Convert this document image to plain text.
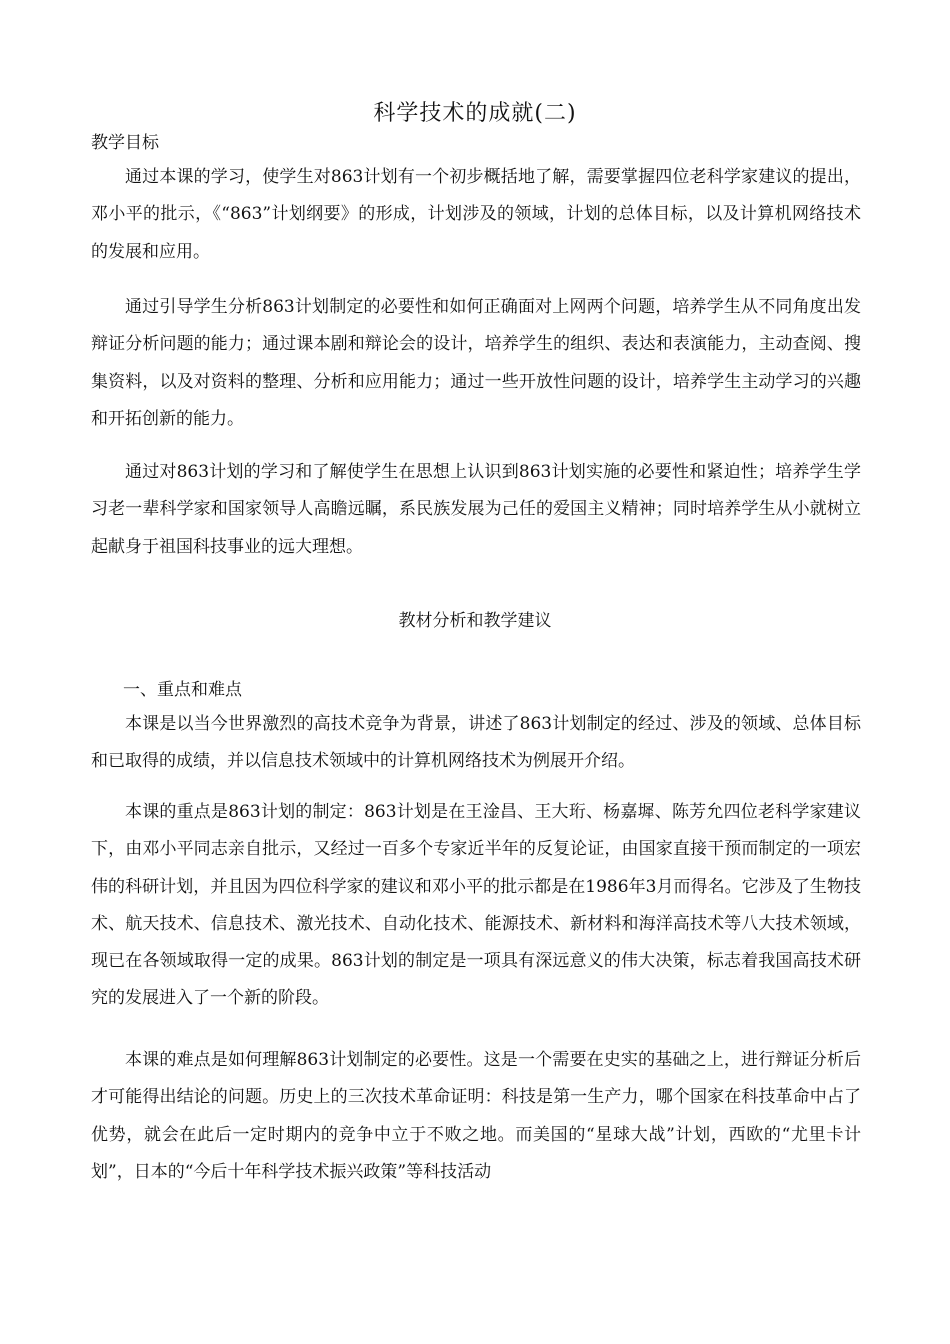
科学技术的成就(二)
教学目标

通过本课的学习，使学生对863计划有一个初步概括地了解，需要掌握四位老科学家建议的提出，邓小平的批示，《“863”计划纲要》的形成，计划涉及的领域，计划的总体目标，以及计算机网络技术的发展和应用。

通过引导学生分析863计划制定的必要性和如何正确面对上网两个问题，培养学生从不同角度出发辩证分析问题的能力；通过课本剧和辩论会的设计，培养学生的组织、表达和表演能力，主动查阅、搜集资料，以及对资料的整理、分析和应用能力；通过一些开放性问题的设计，培养学生主动学习的兴趣和开拓创新的能力。

通过对863计划的学习和了解使学生在思想上认识到863计划实施的必要性和紧迫性；培养学生学习老一辈科学家和国家领导人高瞻远瞩，系民族发展为己任的爱国主义精神；同时培养学生从小就树立起献身于祖国科技事业的远大理想。

教材分析和教学建议
一、重点和难点

本课是以当今世界激烈的高技术竞争为背景，讲述了863计划制定的经过、涉及的领域、总体目标和已取得的成绩，并以信息技术领域中的计算机网络技术为例展开介绍。

本课的重点是863计划的制定：863计划是在王淦昌、王大珩、杨嘉墀、陈芳允四位老科学家建议下，由邓小平同志亲自批示，又经过一百多个专家近半年的反复论证，由国家直接干预而制定的一项宏伟的科研计划，并且因为四位科学家的建议和邓小平的批示都是在1986年3月而得名。它涉及了生物技术、航天技术、信息技术、激光技术、自动化技术、能源技术、新材料和海洋高技术等八大技术领域，现已在各领域取得一定的成果。863计划的制定是一项具有深远意义的伟大决策，标志着我国高技术研究的发展进入了一个新的阶段。

本课的难点是如何理解863计划制定的必要性。这是一个需要在史实的基础之上，进行辩证分析后才可能得出结论的问题。历史上的三次技术革命证明：科技是第一生产力，哪个国家在科技革命中占了优势，就会在此后一定时期内的竞争中立于不败之地。而美国的“星球大战”计划，西欧的“尤里卡计划”，日本的“今后十年科学技术振兴政策”等科技活动
